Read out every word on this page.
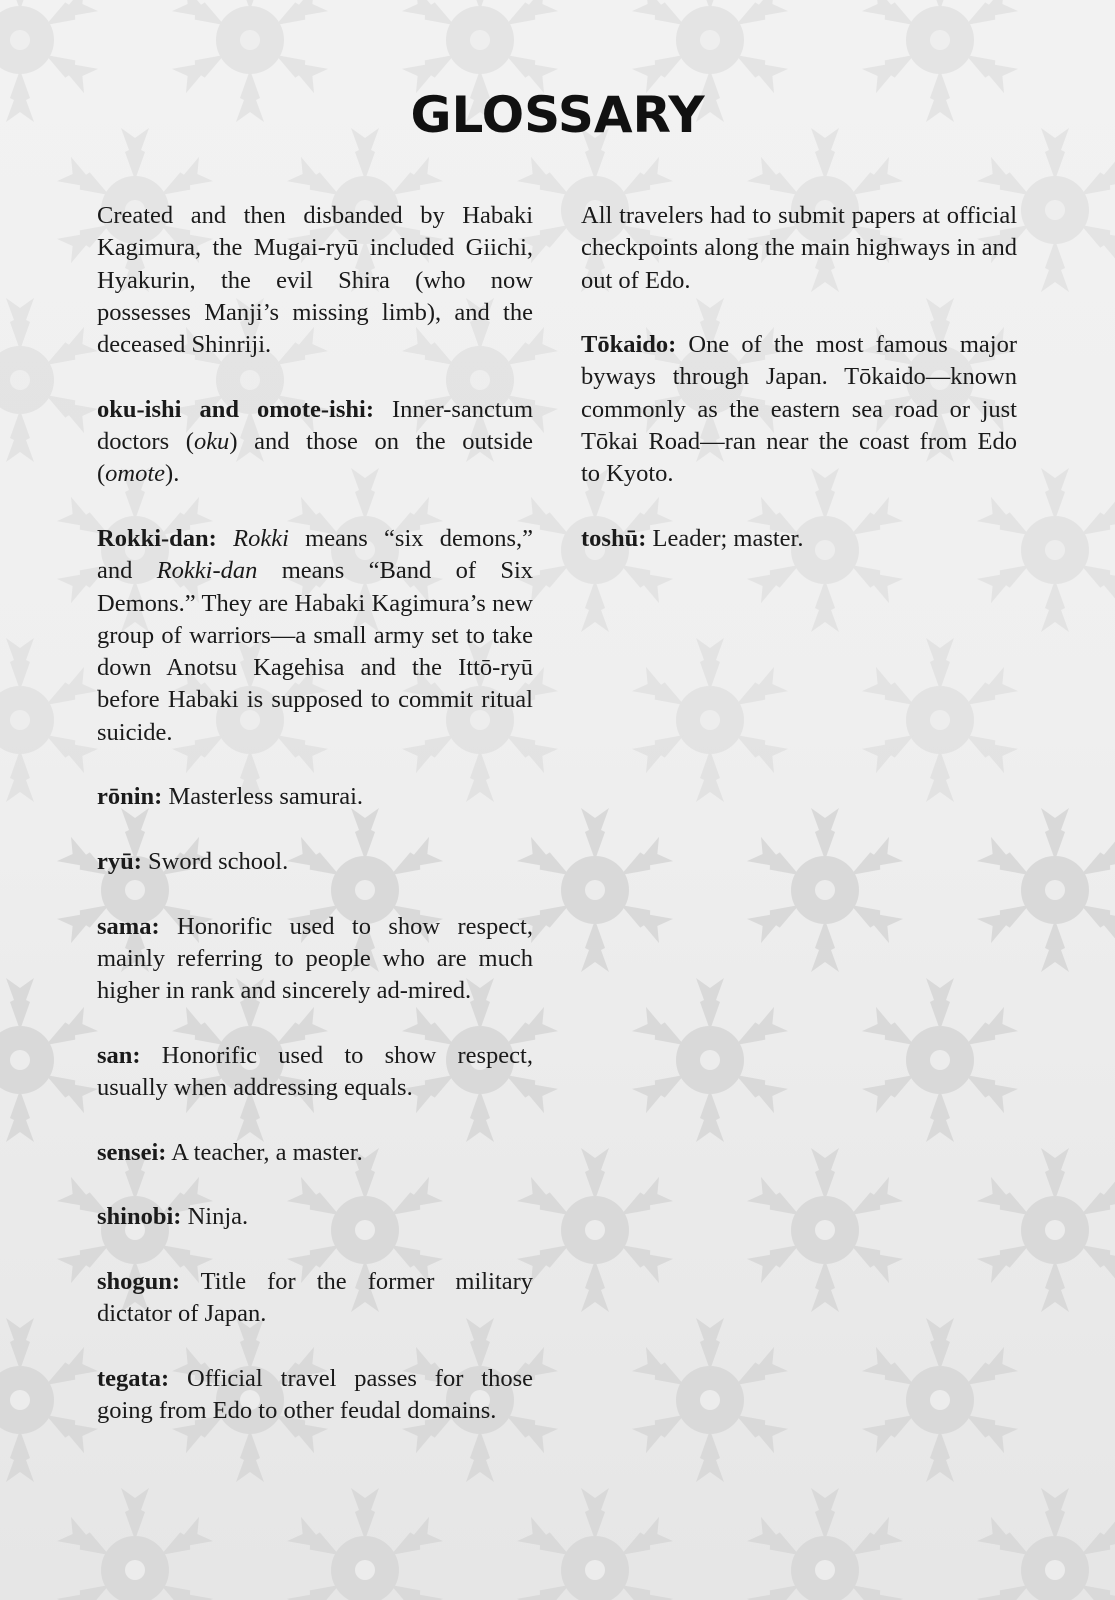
GLOSSARY

Created and then disbanded by Habaki Kagimura, the Mugai-ryū included Giichi, Hyakurin, the evil Shira (who now possesses Manji’s missing limb), and the deceased Shinriji.

oku-ishi and omote-ishi: Inner-sanctum doctors (oku) and those on the outside (omote).

Rokki-dan: Rokki means “six demons,” and Rokki-dan means “Band of Six Demons.” They are Habaki Kagimura’s new group of warriors—a small army set to take down Anotsu Kagehisa and the Ittō-ryū before Habaki is supposed to commit ritual suicide.

rōnin: Masterless samurai.

ryū: Sword school.

sama: Honorific used to show respect, mainly referring to people who are much higher in rank and sincerely ad-mired.

san: Honorific used to show respect, usually when addressing equals.

sensei: A teacher, a master.

shinobi: Ninja.

shogun: Title for the former military dictator of Japan.

tegata: Official travel passes for those going from Edo to other feudal domains.

All travelers had to submit papers at official checkpoints along the main highways in and out of Edo.

Tōkaido: One of the most famous major byways through Japan. Tōkaido—known commonly as the eastern sea road or just Tōkai Road—ran near the coast from Edo to Kyoto.

toshū: Leader; master.
